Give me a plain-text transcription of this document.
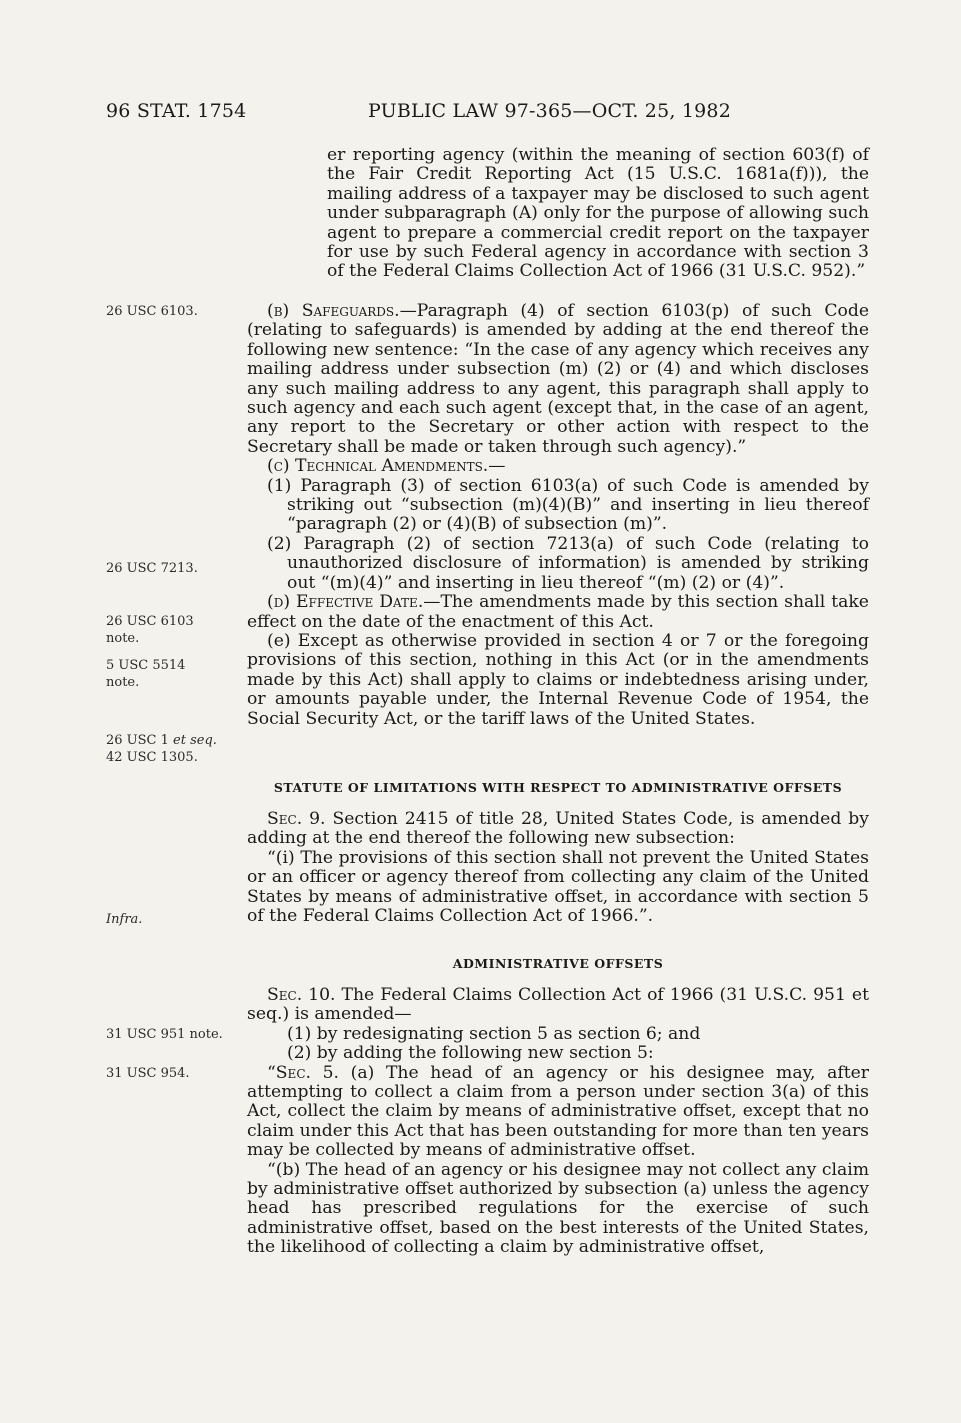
96 STAT. 1754	PUBLIC LAW 97-365—OCT. 25, 1982
26 USC 6103.
26 USC 7213.
26 USC 6103
note.
5 USC 5514
note.
26 USC 1 et seq.
42 USC 1305.
Infra.
31 USC 951 note.
31 USC 954.

er reporting agency (within the meaning of section 603(f) of the Fair Credit Reporting Act (15 U.S.C. 1681a(f))), the mailing address of a taxpayer may be disclosed to such agent under subparagraph (A) only for the purpose of allowing such agent to prepare a commercial credit report on the taxpayer for use by such Federal agency in accordance with section 3 of the Federal Claims Collection Act of 1966 (31 U.S.C. 952).”

(b) Safeguards.—Paragraph (4) of section 6103(p) of such Code (relating to safeguards) is amended by adding at the end thereof the following new sentence: “In the case of any agency which receives any mailing address under subsection (m) (2) or (4) and which discloses any such mailing address to any agent, this paragraph shall apply to such agency and each such agent (except that, in the case of an agent, any report to the Secretary or other action with respect to the Secretary shall be made or taken through such agency).”

(c) Technical Amendments.—

(1) Paragraph (3) of section 6103(a) of such Code is amended by striking out “subsection (m)(4)(B)” and inserting in lieu thereof “paragraph (2) or (4)(B) of subsection (m)”.

(2) Paragraph (2) of section 7213(a) of such Code (relating to unauthorized disclosure of information) is amended by striking out “(m)(4)” and inserting in lieu thereof “(m) (2) or (4)”.

(d) Effective Date.—The amendments made by this section shall take effect on the date of the enactment of this Act.

(e) Except as otherwise provided in section 4 or 7 or the foregoing provisions of this section, nothing in this Act (or in the amendments made by this Act) shall apply to claims or indebtedness arising under, or amounts payable under, the Internal Revenue Code of 1954, the Social Security Act, or the tariff laws of the United States.

STATUTE OF LIMITATIONS WITH RESPECT TO ADMINISTRATIVE OFFSETS

Sec. 9. Section 2415 of title 28, United States Code, is amended by adding at the end thereof the following new subsection:

“(i) The provisions of this section shall not prevent the United States or an officer or agency thereof from collecting any claim of the United States by means of administrative offset, in accordance with section 5 of the Federal Claims Collection Act of 1966.”.

ADMINISTRATIVE OFFSETS

Sec. 10. The Federal Claims Collection Act of 1966 (31 U.S.C. 951 et seq.) is amended—

(1) by redesignating section 5 as section 6; and

(2) by adding the following new section 5:

“Sec. 5. (a) The head of an agency or his designee may, after attempting to collect a claim from a person under section 3(a) of this Act, collect the claim by means of administrative offset, except that no claim under this Act that has been outstanding for more than ten years may be collected by means of administrative offset.

“(b) The head of an agency or his designee may not collect any claim by administrative offset authorized by subsection (a) unless the agency head has prescribed regulations for the exercise of such administrative offset, based on the best interests of the United States, the likelihood of collecting a claim by administrative offset,
